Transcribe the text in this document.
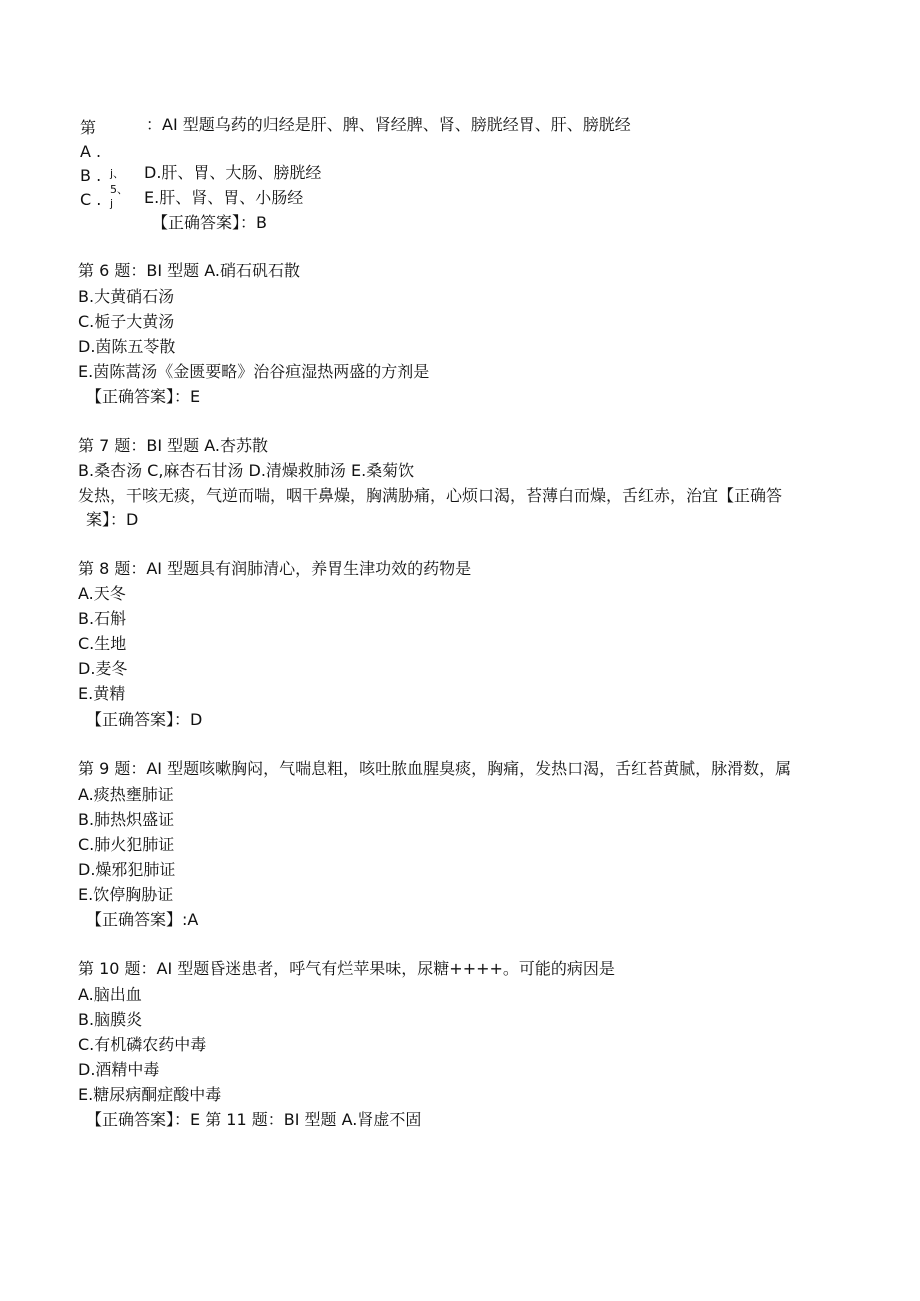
第	：AI 型题乌药的归经是肝、脾、肾经脾、肾、膀胱经胃、肝、膀胱经
A .
B . j、 D.肝、胃、大肠、膀胱经
C .
5、
j E.肝、肾、胃、小肠经
【正确答案】：B
第 6 题：BI 型题 A.硝石矾石散
B.大黄硝石汤
C.栀子大黄汤
D.茵陈五苓散
E.茵陈蒿汤《金匮要略》治谷疸湿热两盛的方剂是
【正确答案】：E
第 7 题：BI 型题 A.杏苏散
B.桑杏汤 C,麻杏石甘汤 D.清燥救肺汤 E.桑菊饮
发热，干咳无痰，气逆而喘，咽干鼻燥，胸满胁痛，心烦口渴，苔薄白而燥，舌红赤，治宜【正确答
案】：D
第 8 题：AI 型题具有润肺清心，养胃生津功效的药物是
A.天冬
B.石斛
C.生地
D.麦冬
E.黄精
【正确答案】：D
第 9 题：AI 型题咳嗽胸闷，气喘息粗，咳吐脓血腥臭痰，胸痛，发热口渴，舌红苔黄腻，脉滑数，属
A.痰热壅肺证
B.肺热炽盛证
C.肺火犯肺证
D.燥邪犯肺证
E.饮停胸胁证
【正确答案】:A
第 10 题：AI 型题昏迷患者，呼气有烂苹果味，尿糖++++。可能的病因是
A.脑出血
B.脑膜炎
C.有机磷农药中毒
D.酒精中毒
E.糖尿病酮症酸中毒
【正确答案】：E 第 11 题：BI 型题 A.肾虚不固
